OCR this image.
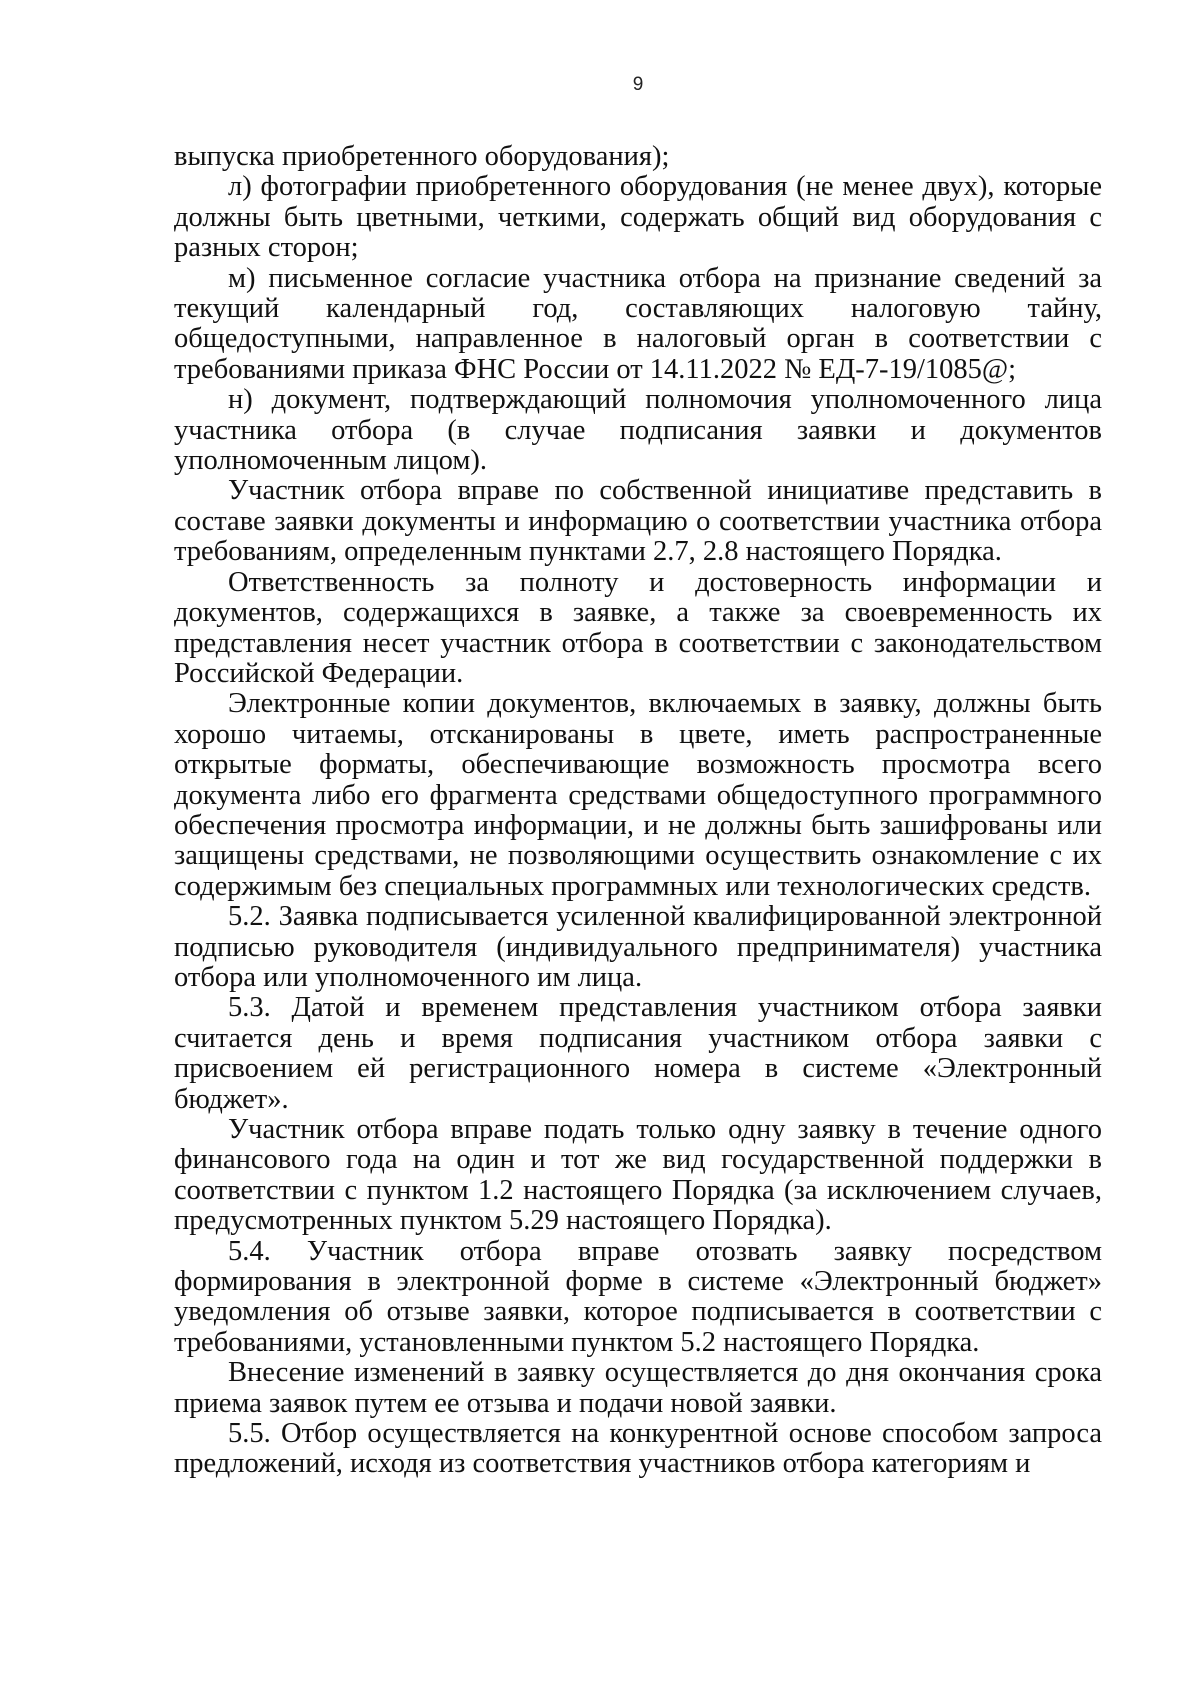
9

выпуска приобретенного оборудования);

л) фотографии приобретенного оборудования (не менее двух), которые должны быть цветными, четкими, содержать общий вид оборудования с разных сторон;

м) письменное согласие участника отбора на признание сведений за текущий календарный год, составляющих налоговую тайну, общедоступными, направленное в налоговый орган в соответствии с требованиями приказа ФНС России от 14.11.2022 № ЕД-7-19/1085@;

н) документ, подтверждающий полномочия уполномоченного лица участника отбора (в случае подписания заявки и документов уполномоченным лицом).

Участник отбора вправе по собственной инициативе представить в составе заявки документы и информацию о соответствии участника отбора требованиям, определенным пунктами 2.7, 2.8 настоящего Порядка.

Ответственность за полноту и достоверность информации и документов, содержащихся в заявке, а также за своевременность их представления несет участник отбора в соответствии с законодательством Российской Федерации.

Электронные копии документов, включаемых в заявку, должны быть хорошо читаемы, отсканированы в цвете, иметь распространенные открытые форматы, обеспечивающие возможность просмотра всего документа либо его фрагмента средствами общедоступного программного обеспечения просмотра информации, и не должны быть зашифрованы или защищены средствами, не позволяющими осуществить ознакомление с их содержимым без специальных программных или технологических средств.

5.2. Заявка подписывается усиленной квалифицированной электронной подписью руководителя (индивидуального предпринимателя) участника отбора или уполномоченного им лица.

5.3. Датой и временем представления участником отбора заявки считается день и время подписания участником отбора заявки с присвоением ей регистрационного номера в системе «Электронный бюджет».

Участник отбора вправе подать только одну заявку в течение одного финансового года на один и тот же вид государственной поддержки в соответствии с пунктом 1.2 настоящего Порядка (за исключением случаев, предусмотренных пунктом 5.29 настоящего Порядка).

5.4. Участник отбора вправе отозвать заявку посредством формирования в электронной форме в системе «Электронный бюджет» уведомления об отзыве заявки, которое подписывается в соответствии с требованиями, установленными пунктом 5.2 настоящего Порядка.

Внесение изменений в заявку осуществляется до дня окончания срока приема заявок путем ее отзыва и подачи новой заявки.

5.5. Отбор осуществляется на конкурентной основе способом запроса предложений, исходя из соответствия участников отбора категориям и
